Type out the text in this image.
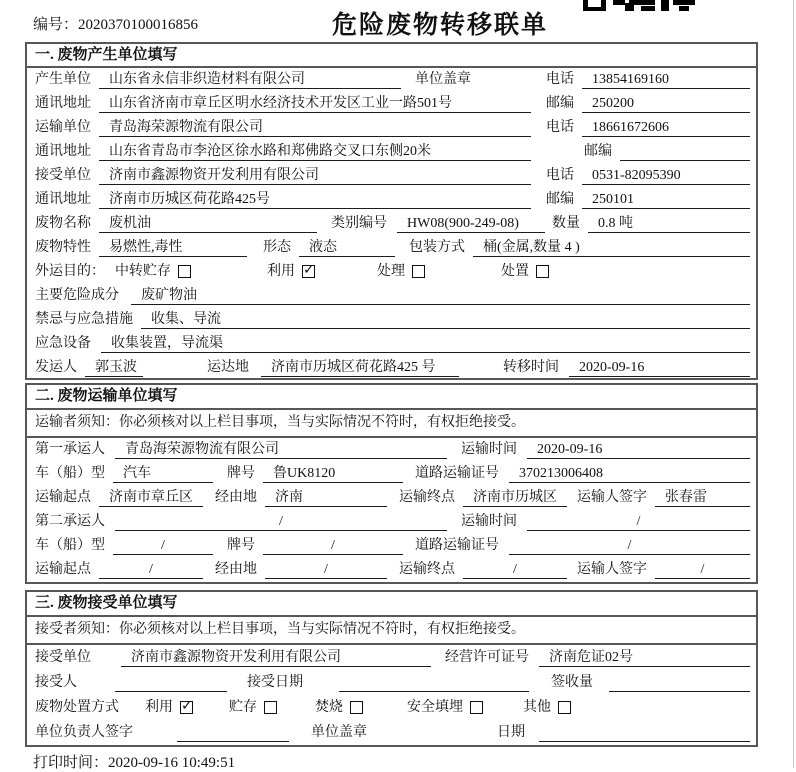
编号：2020370100016856	危险废物转移联单
一. 废物产生单位填写
产生单位	山东省永信非织造材料有限公司	单位盖章	电话	13854169160
通讯地址	山东省济南市章丘区明水经济技术开发区工业一路501号	邮编	250200
运输单位	青岛海荣源物流有限公司	电话	18661672606
通讯地址	山东省青岛市李沧区徐水路和郑佛路交叉口东侧20米	邮编
接受单位	济南市鑫源物资开发利用有限公司	电话	0531-82095390
通讯地址	济南市历城区荷花路425号	邮编	250101
废物名称	废机油	类别编号	HW08(900-249-08)	数量	0.8 吨
废物特性	易燃性,毒性	形态	液态	包装方式	桶(金属,数量 4 )
外运目的： 中转贮存	利用 ✓	处理	处置
主要危险成分	废矿物油
禁忌与应急措施	收集、导流
应急设备	收集装置，导流渠
发运人	郭玉波	运达地	济南市历城区荷花路425 号	转移时间	2020-09-16
二. 废物运输单位填写
运输者须知：你必须核对以上栏目事项，当与实际情况不符时，有权拒绝接受。
第一承运人	青岛海荣源物流有限公司	运输时间	2020-09-16
车（船）型	汽车	牌号	鲁UK8120	道路运输证号	370213006408
运输起点	济南市章丘区	经由地	济南	运输终点	济南市历城区	运输人签字	张春雷
第二承运人	/	运输时间	/
车（船）型	/	牌号	/	道路运输证号	/
运输起点	/	经由地	/	运输终点	/	运输人签字	/
三. 废物接受单位填写
接受者须知：你必须核对以上栏目事项，当与实际情况不符时，有权拒绝接受。
接受单位	济南市鑫源物资开发利用有限公司	经营许可证号	济南危证02号
接受人	接受日期	签收量
废物处置方式 利用 ✓	贮存	焚烧	安全填埋	其他
单位负责人签字	单位盖章	日期
打印时间：2020-09-16 10:49:51
